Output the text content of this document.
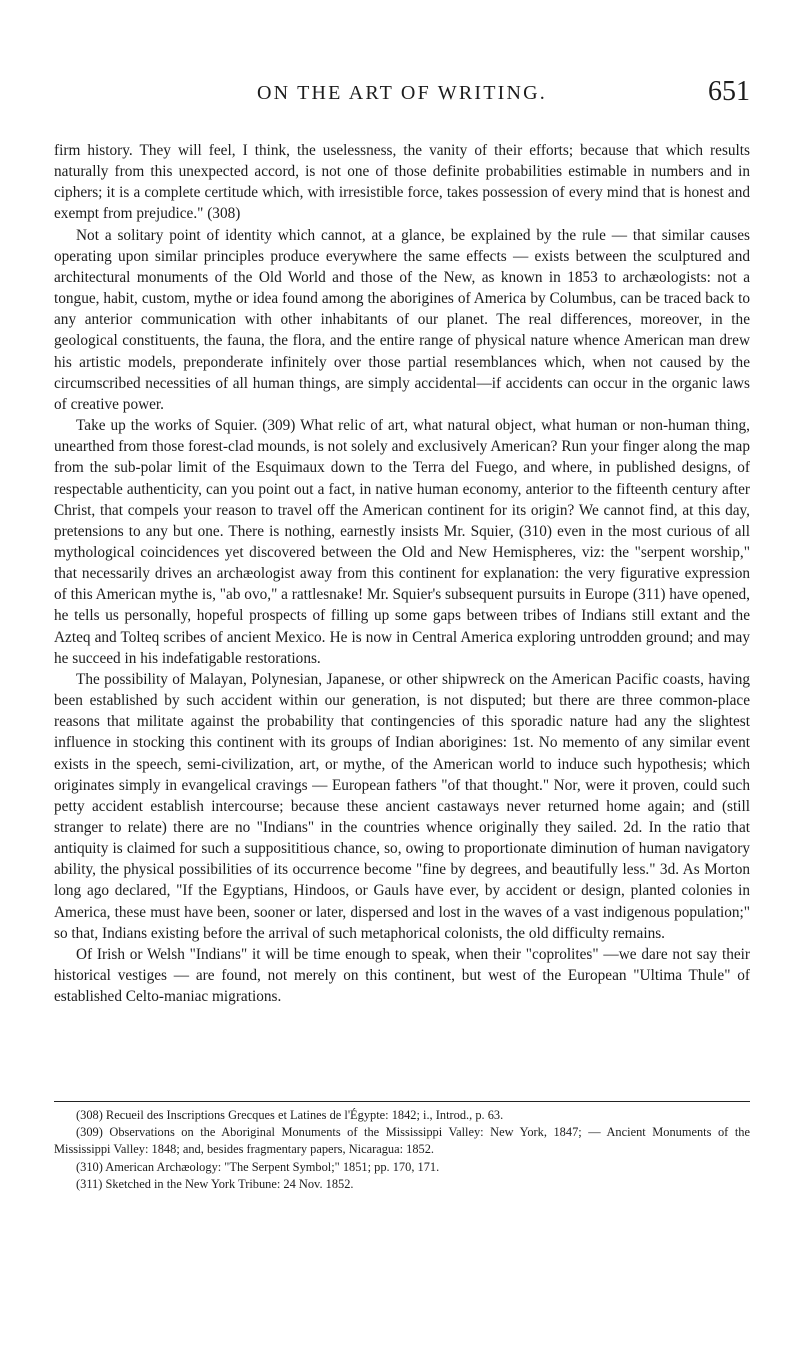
ON THE ART OF WRITING.	651

firm history. They will feel, I think, the uselessness, the vanity of their efforts; because that which results naturally from this unexpected accord, is not one of those definite probabilities estimable in numbers and in ciphers; it is a complete certitude which, with irresistible force, takes possession of every mind that is honest and exempt from prejudice." (308)

Not a solitary point of identity which cannot, at a glance, be explained by the rule — that similar causes operating upon similar principles produce everywhere the same effects — exists between the sculptured and architectural monuments of the Old World and those of the New, as known in 1853 to archæologists: not a tongue, habit, custom, mythe or idea found among the aborigines of America by Columbus, can be traced back to any anterior communication with other inhabitants of our planet. The real differences, moreover, in the geological constituents, the fauna, the flora, and the entire range of physical nature whence American man drew his artistic models, preponderate infinitely over those partial resemblances which, when not caused by the circumscribed necessities of all human things, are simply accidental—if accidents can occur in the organic laws of creative power.

Take up the works of Squier. (309) What relic of art, what natural object, what human or non-human thing, unearthed from those forest-clad mounds, is not solely and exclusively American? Run your finger along the map from the sub-polar limit of the Esquimaux down to the Terra del Fuego, and where, in published designs, of respectable authenticity, can you point out a fact, in native human economy, anterior to the fifteenth century after Christ, that compels your reason to travel off the American continent for its origin? We cannot find, at this day, pretensions to any but one. There is nothing, earnestly insists Mr. Squier, (310) even in the most curious of all mythological coincidences yet discovered between the Old and New Hemispheres, viz: the "serpent worship," that necessarily drives an archæologist away from this continent for explanation: the very figurative expression of this American mythe is, "ab ovo," a rattlesnake! Mr. Squier's subsequent pursuits in Europe (311) have opened, he tells us personally, hopeful prospects of filling up some gaps between tribes of Indians still extant and the Azteq and Tolteq scribes of ancient Mexico. He is now in Central America exploring untrodden ground; and may he succeed in his indefatigable restorations.

The possibility of Malayan, Polynesian, Japanese, or other shipwreck on the American Pacific coasts, having been established by such accident within our generation, is not disputed; but there are three common-place reasons that militate against the probability that contingencies of this sporadic nature had any the slightest influence in stocking this continent with its groups of Indian aborigines: 1st. No memento of any similar event exists in the speech, semi-civilization, art, or mythe, of the American world to induce such hypothesis; which originates simply in evangelical cravings — European fathers "of that thought." Nor, were it proven, could such petty accident establish intercourse; because these ancient castaways never returned home again; and (still stranger to relate) there are no "Indians" in the countries whence originally they sailed. 2d. In the ratio that antiquity is claimed for such a supposititious chance, so, owing to proportionate diminution of human navigatory ability, the physical possibilities of its occurrence become "fine by degrees, and beautifully less." 3d. As Morton long ago declared, "If the Egyptians, Hindoos, or Gauls have ever, by accident or design, planted colonies in America, these must have been, sooner or later, dispersed and lost in the waves of a vast indigenous population;" so that, Indians existing before the arrival of such metaphorical colonists, the old difficulty remains.

Of Irish or Welsh "Indians" it will be time enough to speak, when their "coprolites" —we dare not say their historical vestiges — are found, not merely on this continent, but west of the European "Ultima Thule" of established Celto-maniac migrations.

(308) Recueil des Inscriptions Grecques et Latines de l'Égypte: 1842; i., Introd., p. 63.

(309) Observations on the Aboriginal Monuments of the Mississippi Valley: New York, 1847; — Ancient Monuments of the Mississippi Valley: 1848; and, besides fragmentary papers, Nicaragua: 1852.

(310) American Archæology: "The Serpent Symbol;" 1851; pp. 170, 171.

(311) Sketched in the New York Tribune: 24 Nov. 1852.
